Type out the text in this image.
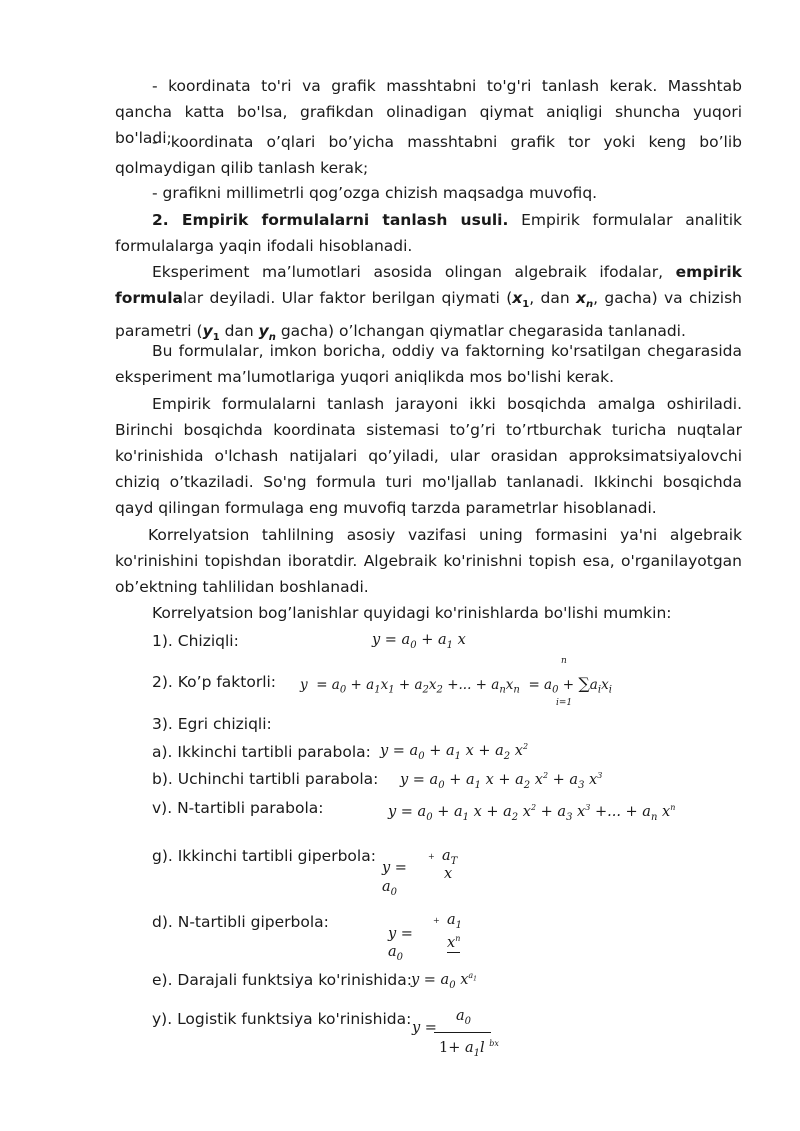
- koordinata to'ri va grafik masshtabni to'g'ri tanlash kerak. Masshtab qancha katta bo'lsa, grafikdan olinadigan qiymat aniqligi shuncha yuqori bo'ladi;
- koordinata o’qlari bo’yicha masshtabni grafik tor yoki keng bo’lib qolmaydigan qilib tanlash kerak;
- grafikni millimetrli qog’ozga chizish maqsadga muvofiq.
2. Empirik formulalarni tanlash usuli. Empirik formulalar analitik formulalarga yaqin ifodali hisoblanadi.
Eksperiment ma’lumotlari asosida olingan algebraik ifodalar, empirik formulalar deyiladi. Ular faktor berilgan qiymati ($x_1$, dan $x_n$, gacha) va chizish parametri ($y_1$ dan $y_n$ gacha) o’lchangan qiymatlar chegarasida tanlanadi.
Bu formulalar, imkon boricha, oddiy va faktorning ko'rsatilgan chegarasida eksperiment ma’lumotlariga yuqori aniqlikda mos bo'lishi kerak.
Empirik formulalarni tanlash jarayoni ikki bosqichda amalga oshiriladi. Birinchi bosqichda koordinata sistemasi to’g’ri to’rtburchak turicha nuqtalar ko'rinishida o'lchash natijalari qo’yiladi, ular orasidan approksimatsiyalovchi chiziq o’tkaziladi. So'ng formula turi mo'ljallab tanlanadi. Ikkinchi bosqichda qayd qilingan formulaga eng muvofiq tarzda parametrlar hisoblanadi.
Korrelyatsion tahlilning asosiy vazifasi uning formasini ya'ni algebraik ko'rinishini topishdan iboratdir. Algebraik ko'rinishni topish esa, o'rganilayotgan ob’ektning tahlilidan boshlanadi.
Korrelyatsion bog’lanishlar quyidagi ko'rinishlarda bo'lishi mumkin:
1). Chiziqli:	$y = a_0 + a_1$ x
2). Ko’p faktorli: $y = a_0 + a_1x_1 + a_2x_2$ +... + $a_nx_n = a_0 + \sum a_ix_i$
n
i=1
3). Egri chiziqli:
a). Ikkinchi tartibli parabola: $y = a_0 + a_1$ $x + a_2$ $x^2$
b). Uchinchi tartibli parabola: $y = a_0 + a_1$ $x + a_2$ $x^2 + a_3$ $x^3$
v). N-tartibli parabola:	$y = a_0 + a_1$ $x + a_2$ $x^2 + a_3$ $x^3$ +... + $a_n$ $x^n$
g). Ikkinchi tartibli giperbola:
y =
$a_0$
+ $a_T$
x
d). N-tartibli giperbola:
y =
$a_0$
+ $a_1$
$x^n$
e). Darajali funktsiya ko'rinishida: $y = a_0$ $x^{a_1}$
y). Logistik funktsiya ko'rinishida: y =
$a_0$
$1+ a_1l$ $^{bx}$
